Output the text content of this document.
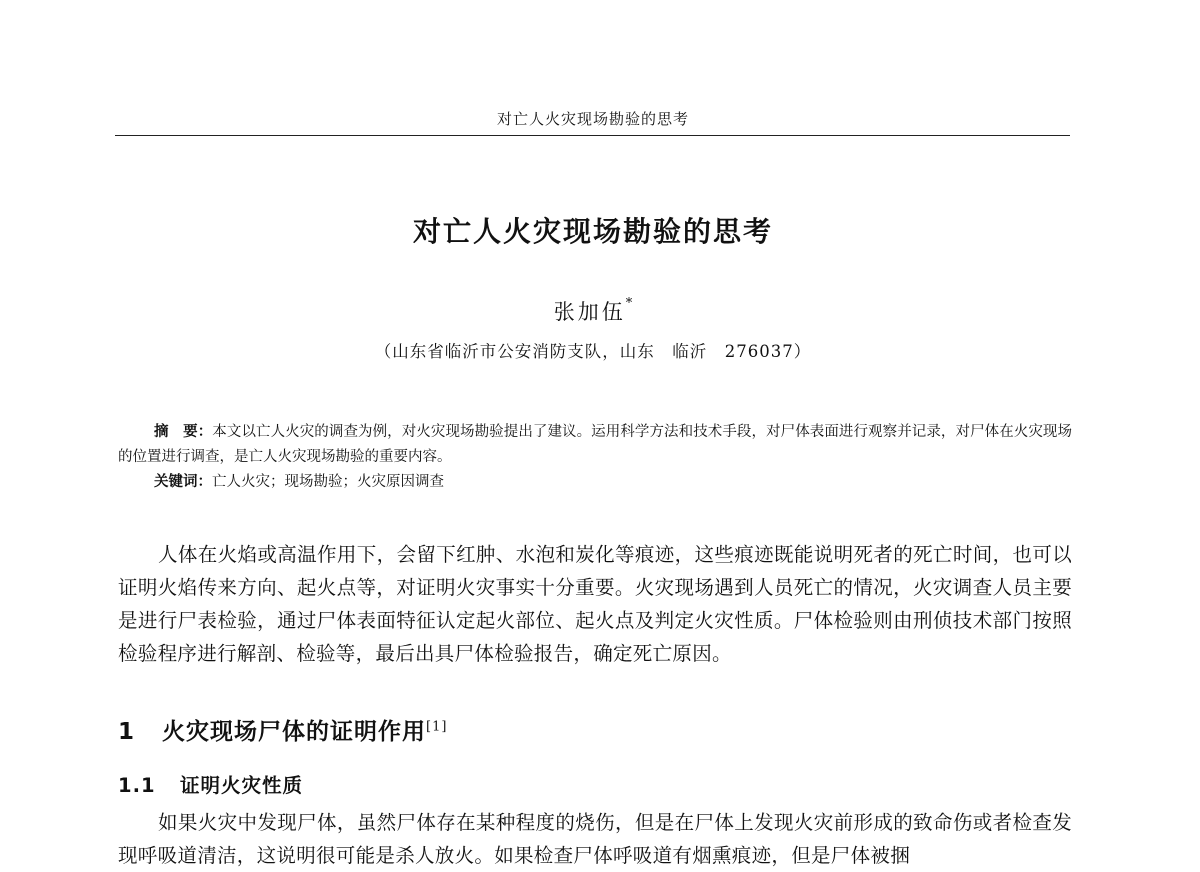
对亡人火灾现场勘验的思考
对亡人火灾现场勘验的思考
张加伍*
（山东省临沂市公安消防支队，山东　临沂　276037）

摘　要：本文以亡人火灾的调查为例，对火灾现场勘验提出了建议。运用科学方法和技术手段，对尸体表面进行观察并记录，对尸体在火灾现场的位置进行调查，是亡人火灾现场勘验的重要内容。

关键词：亡人火灾；现场勘验；火灾原因调查

人体在火焰或高温作用下，会留下红肿、水泡和炭化等痕迹，这些痕迹既能说明死者的死亡时间，也可以证明火焰传来方向、起火点等，对证明火灾事实十分重要。火灾现场遇到人员死亡的情况，火灾调查人员主要是进行尸表检验，通过尸体表面特征认定起火部位、起火点及判定火灾性质。尸体检验则由刑侦技术部门按照检验程序进行解剖、检验等，最后出具尸体检验报告，确定死亡原因。

1 火灾现场尸体的证明作用[1]
1.1 证明火灾性质

如果火灾中发现尸体，虽然尸体存在某种程度的烧伤，但是在尸体上发现火灾前形成的致命伤或者检查发现呼吸道清洁，这说明很可能是杀人放火。如果检查尸体呼吸道有烟熏痕迹，但是尸体被捆
